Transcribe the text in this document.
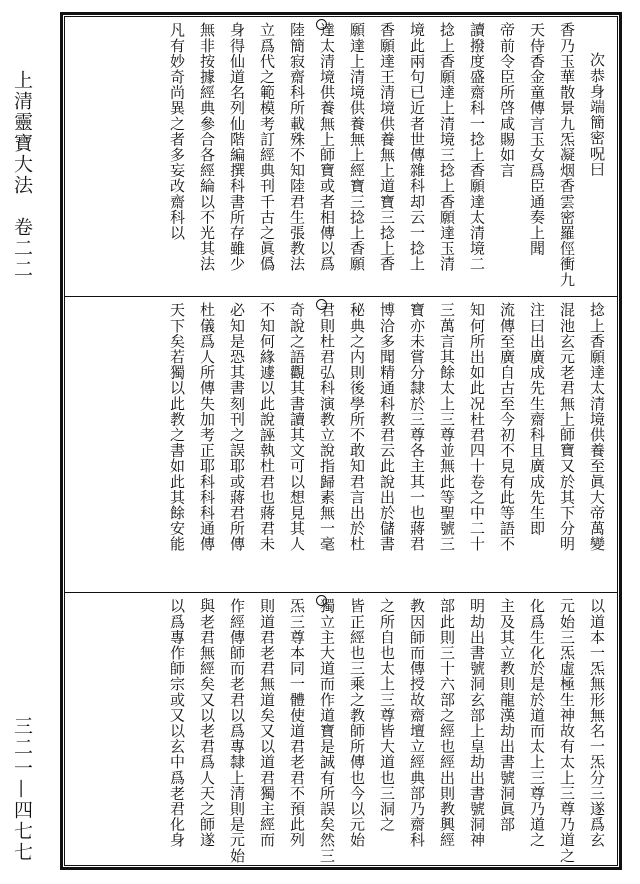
上清靈寶大法　卷二二
三二一—四七七
次恭身端簡密呪曰
香乃玉華散景九炁凝烟香雲密羅俓衝九
天侍香金童傳言玉女爲臣通奏上聞
帝前令臣所啓咸賜如言
讀撥度盛齋科一捻上香願達太清境二
捻上香願達上清境三捻上香願達玉清
境此兩句已近者世傳雜科却云一捻上
香願達王清境供養無上道寶三捻上香
願達上清境供養無上經寶三捻上香願
達太清境供養無上師寶或者相傳以爲
陸簡寂齋科所載殊不知陸君生張教法
立爲代之範模考訂經典刊千古之眞僞
身得仙道名列仙階編撰科書所存雖少
無非按據經典參合各經綸以不光其法
凡有妙奇尚異之者多妄改齋科以
捻上香願達太清境供養至眞大帝萬變
混池玄元老君無上師寶又於其下分明
注曰出廣成先生齋科且廣成先生即
流傳至廣自古至今初不見有此等語不
知何所出如此况杜君四十卷之中二十
三萬言其餘太上三尊並無此等聖號三
寶亦未嘗分隸於三尊各主其一也蔣君
博洽多聞精通科教君云此說出於儲書
秘典之内則後學所不敢知君言出於杜
君則杜君弘科演教立說指歸素無一毫
奇說之語觀其書讀其文可以想見其人
不知何緣遽以此說誣執杜君也蔣君未
必知是恐其書刻刊之誤耶或蔣君所傳
杜儀爲人所傳失加考正耶科科科通傳
天下矣若獨以此教之書如此其餘安能
以道本一炁無形無名一炁分三遂爲玄
元始三炁虛極生神故有太上三尊乃道之
化爲生化於是於道而太上三尊乃道之
主及其立教則龍漢劫出書號洞眞部
明劫出書號洞玄部上皇劫出書號洞神
部此則三十六部之經也經出則教興經
教因師而傳授故齋壇立經典部乃齋科
之所自也太上三尊皆大道也三洞之
皆正經也三乘之教師所傳也今以元始
獨立主大道而作道寶是誠有所誤矣然三
炁三尊本同一體使道君老君不預此列
則道君老君無道矣又以道君獨主經而
作經傳師而老君以爲專隸上清則是元始
與老君無經矣又以老君爲人天之師遂
以爲專作師宗或又以玄中爲老君化身
